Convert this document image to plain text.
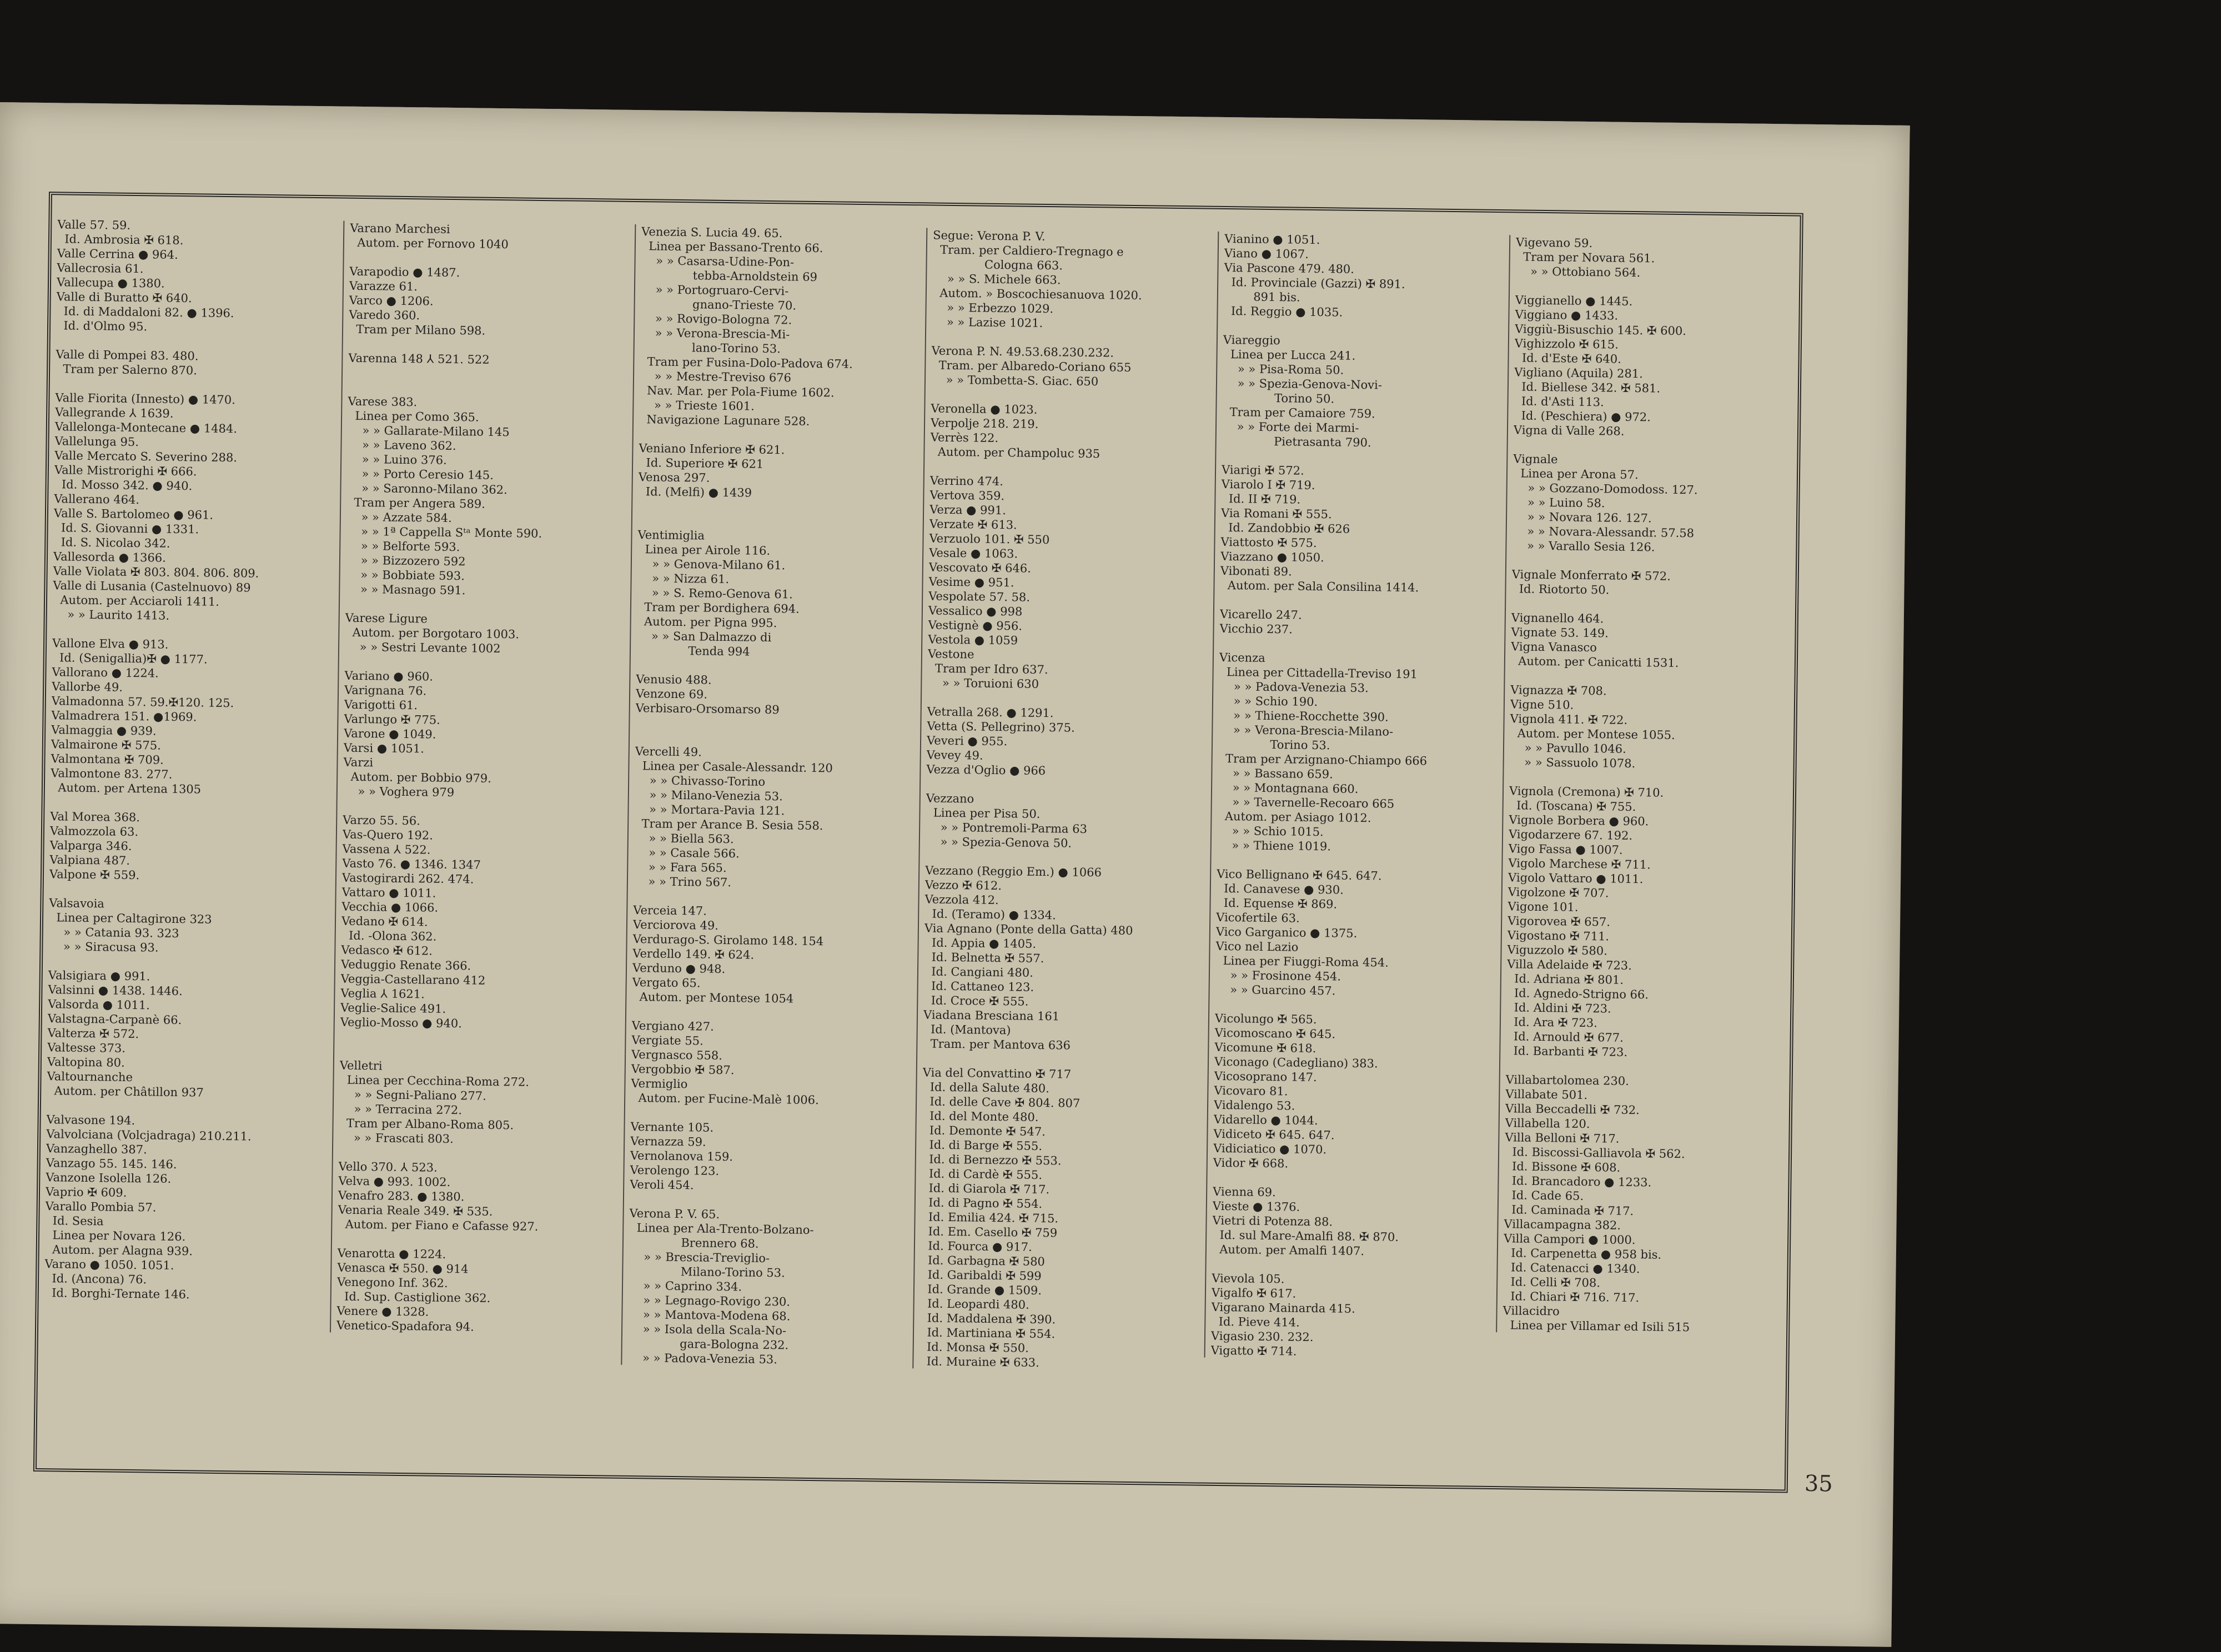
Valle 57. 59.
Id. Ambrosia ✠ 618.
Valle Cerrina ● 964.
Vallecrosia 61.
Vallecupa ● 1380.
Valle di Buratto ✠ 640.
Id. di Maddaloni 82. ● 1396.
Id. d'Olmo 95.
Valle di Pompei 83. 480.
Tram per Salerno 870.
Valle Fiorita (Innesto) ● 1470.
Vallegrande ⅄ 1639.
Vallelonga-Montecane ● 1484.
Vallelunga 95.
Valle Mercato S. Severino 288.
Valle Mistrorighi ✠ 666.
Id. Mosso 342. ● 940.
Vallerano 464.
Valle S. Bartolomeo ● 961.
Id. S. Giovanni ● 1331.
Id. S. Nicolao 342.
Vallesorda ● 1366.
Valle Violata ✠ 803. 804. 806. 809.
Valle di Lusania (Castelnuovo) 89
Autom. per Acciaroli 1411.
» » Laurito 1413.
Vallone Elva ● 913.
Id. (Senigallia)✠ ● 1177.
Vallorano ● 1224.
Vallorbe 49.
Valmadonna 57. 59.✠120. 125.
Valmadrera 151. ●1969.
Valmaggia ● 939.
Valmairone ✠ 575.
Valmontana ✠ 709.
Valmontone 83. 277.
Autom. per Artena 1305
Val Morea 368.
Valmozzola 63.
Valparga 346.
Valpiana 487.
Valpone ✠ 559.
Valsavoia
Linea per Caltagirone 323
» » Catania 93. 323
» » Siracusa 93.
Valsigiara ● 991.
Valsinni ● 1438. 1446.
Valsorda ● 1011.
Valstagna-Carpanè 66.
Valterza ✠ 572.
Valtesse 373.
Valtopina 80.
Valtournanche
Autom. per Châtillon 937
Valvasone 194.
Valvolciana (Volcjadraga) 210.211.
Vanzaghello 387.
Vanzago 55. 145. 146.
Vanzone Isolella 126.
Vaprio ✠ 609.
Varallo Pombia 57.
Id. Sesia
Linea per Novara 126.
Autom. per Alagna 939.
Varano ● 1050. 1051.
Id. (Ancona) 76.
Id. Borghi-Ternate 146.
Varano Marchesi
Autom. per Fornovo 1040
Varapodio ● 1487.
Varazze 61.
Varco ● 1206.
Varedo 360.
Tram per Milano 598.
Varenna 148 ⅄ 521. 522
Varese 383.
Linea per Como 365.
» » Gallarate-Milano 145
» » Laveno 362.
» » Luino 376.
» » Porto Ceresio 145.
» » Saronno-Milano 362.
Tram per Angera 589.
» » Azzate 584.
» » 1ª Cappella Sᵗᵃ Monte 590.
» » Belforte 593.
» » Bizzozero 592
» » Bobbiate 593.
» » Masnago 591.
Varese Ligure
Autom. per Borgotaro 1003.
» » Sestri Levante 1002
Variano ● 960.
Varignana 76.
Varigotti 61.
Varlungo ✠ 775.
Varone ● 1049.
Varsi ● 1051.
Varzi
Autom. per Bobbio 979.
» » Voghera 979
Varzo 55. 56.
Vas-Quero 192.
Vassena ⅄ 522.
Vasto 76. ● 1346. 1347
Vastogirardi 262. 474.
Vattaro ● 1011.
Vecchia ● 1066.
Vedano ✠ 614.
Id. -Olona 362.
Vedasco ✠ 612.
Veduggio Renate 366.
Veggia-Castellarano 412
Veglia ⅄ 1621.
Veglie-Salice 491.
Veglio-Mosso ● 940.
Velletri
Linea per Cecchina-Roma 272.
» » Segni-Paliano 277.
» » Terracina 272.
Tram per Albano-Roma 805.
» » Frascati 803.
Vello 370. ⅄ 523.
Velva ● 993. 1002.
Venafro 283. ● 1380.
Venaria Reale 349. ✠ 535.
Autom. per Fiano e Cafasse 927.
Venarotta ● 1224.
Venasca ✠ 550. ● 914
Venegono Inf. 362.
Id. Sup. Castiglione 362.
Venere ● 1328.
Venetico-Spadafora 94.
Venezia S. Lucia 49. 65.
Linea per Bassano-Trento 66.
» » Casarsa-Udine-Pon-
tebba-Arnoldstein 69
» » Portogruaro-Cervi-
gnano-Trieste 70.
» » Rovigo-Bologna 72.
» » Verona-Brescia-Mi-
lano-Torino 53.
Tram per Fusina-Dolo-Padova 674.
» » Mestre-Treviso 676
Nav. Mar. per Pola-Fiume 1602.
» » Trieste 1601.
Navigazione Lagunare 528.
Veniano Inferiore ✠ 621.
Id. Superiore ✠ 621
Venosa 297.
Id. (Melfi) ● 1439
Ventimiglia
Linea per Airole 116.
» » Genova-Milano 61.
» » Nizza 61.
» » S. Remo-Genova 61.
Tram per Bordighera 694.
Autom. per Pigna 995.
» » San Dalmazzo di
Tenda 994
Venusio 488.
Venzone 69.
Verbisaro-Orsomarso 89
Vercelli 49.
Linea per Casale-Alessandr. 120
» » Chivasso-Torino
» » Milano-Venezia 53.
» » Mortara-Pavia 121.
Tram per Arance B. Sesia 558.
» » Biella 563.
» » Casale 566.
» » Fara 565.
» » Trino 567.
Verceia 147.
Verciorova 49.
Verdurago-S. Girolamo 148. 154
Verdello 149. ✠ 624.
Verduno ● 948.
Vergato 65.
Autom. per Montese 1054
Vergiano 427.
Vergiate 55.
Vergnasco 558.
Vergobbio ✠ 587.
Vermiglio
Autom. per Fucine-Malè 1006.
Vernante 105.
Vernazza 59.
Vernolanova 159.
Verolengo 123.
Veroli 454.
Verona P. V. 65.
Linea per Ala-Trento-Bolzano-
Brennero 68.
» » Brescia-Treviglio-
Milano-Torino 53.
» » Caprino 334.
» » Legnago-Rovigo 230.
» » Mantova-Modena 68.
» » Isola della Scala-No-
gara-Bologna 232.
» » Padova-Venezia 53.
Segue: Verona P. V.
Tram. per Caldiero-Tregnago e
Cologna 663.
» » S. Michele 663.
Autom. » Boscochiesanuova 1020.
» » Erbezzo 1029.
» » Lazise 1021.
Verona P. N. 49.53.68.230.232.
Tram. per Albaredo-Coriano 655
» » Tombetta-S. Giac. 650
Veronella ● 1023.
Verpolje 218. 219.
Verrès 122.
Autom. per Champoluc 935
Verrino 474.
Vertova 359.
Verza ● 991.
Verzate ✠ 613.
Verzuolo 101. ✠ 550
Vesale ● 1063.
Vescovato ✠ 646.
Vesime ● 951.
Vespolate 57. 58.
Vessalico ● 998
Vestignè ● 956.
Vestola ● 1059
Vestone
Tram per Idro 637.
» » Toruioni 630
Vetralla 268. ● 1291.
Vetta (S. Pellegrino) 375.
Veveri ● 955.
Vevey 49.
Vezza d'Oglio ● 966
Vezzano
Linea per Pisa 50.
» » Pontremoli-Parma 63
» » Spezia-Genova 50.
Vezzano (Reggio Em.) ● 1066
Vezzo ✠ 612.
Vezzola 412.
Id. (Teramo) ● 1334.
Via Agnano (Ponte della Gatta) 480
Id. Appia ● 1405.
Id. Belnetta ✠ 557.
Id. Cangiani 480.
Id. Cattaneo 123.
Id. Croce ✠ 555.
Viadana Bresciana 161
Id. (Mantova)
Tram. per Mantova 636
Via del Convattino ✠ 717
Id. della Salute 480.
Id. delle Cave ✠ 804. 807
Id. del Monte 480.
Id. Demonte ✠ 547.
Id. di Barge ✠ 555.
Id. di Bernezzo ✠ 553.
Id. di Cardè ✠ 555.
Id. di Giarola ✠ 717.
Id. di Pagno ✠ 554.
Id. Emilia 424. ✠ 715.
Id. Em. Casello ✠ 759
Id. Fourca ● 917.
Id. Garbagna ✠ 580
Id. Garibaldi ✠ 599
Id. Grande ● 1509.
Id. Leopardi 480.
Id. Maddalena ✠ 390.
Id. Martiniana ✠ 554.
Id. Monsa ✠ 550.
Id. Muraine ✠ 633.
Vianino ● 1051.
Viano ● 1067.
Via Pascone 479. 480.
Id. Provinciale (Gazzi) ✠ 891.
891 bis.
Id. Reggio ● 1035.
Viareggio
Linea per Lucca 241.
» » Pisa-Roma 50.
» » Spezia-Genova-Novi-
Torino 50.
Tram per Camaiore 759.
» » Forte dei Marmi-
Pietrasanta 790.
Viarigi ✠ 572.
Viarolo I ✠ 719.
Id. II ✠ 719.
Via Romani ✠ 555.
Id. Zandobbio ✠ 626
Viattosto ✠ 575.
Viazzano ● 1050.
Vibonati 89.
Autom. per Sala Consilina 1414.
Vicarello 247.
Vicchio 237.
Vicenza
Linea per Cittadella-Treviso 191
» » Padova-Venezia 53.
» » Schio 190.
» » Thiene-Rocchette 390.
» » Verona-Brescia-Milano-
Torino 53.
Tram per Arzignano-Chiampo 666
» » Bassano 659.
» » Montagnana 660.
» » Tavernelle-Recoaro 665
Autom. per Asiago 1012.
» » Schio 1015.
» » Thiene 1019.
Vico Bellignano ✠ 645. 647.
Id. Canavese ● 930.
Id. Equense ✠ 869.
Vicofertile 63.
Vico Garganico ● 1375.
Vico nel Lazio
Linea per Fiuggi-Roma 454.
» » Frosinone 454.
» » Guarcino 457.
Vicolungo ✠ 565.
Vicomoscano ✠ 645.
Vicomune ✠ 618.
Viconago (Cadegliano) 383.
Vicosoprano 147.
Vicovaro 81.
Vidalengo 53.
Vidarello ● 1044.
Vidiceto ✠ 645. 647.
Vidiciatico ● 1070.
Vidor ✠ 668.
Vienna 69.
Vieste ● 1376.
Vietri di Potenza 88.
Id. sul Mare-Amalfi 88. ✠ 870.
Autom. per Amalfi 1407.
Vievola 105.
Vigalfo ✠ 617.
Vigarano Mainarda 415.
Id. Pieve 414.
Vigasio 230. 232.
Vigatto ✠ 714.
Vigevano 59.
Tram per Novara 561.
» » Ottobiano 564.
Viggianello ● 1445.
Viggiano ● 1433.
Viggiù-Bisuschio 145. ✠ 600.
Vighizzolo ✠ 615.
Id. d'Este ✠ 640.
Vigliano (Aquila) 281.
Id. Biellese 342. ✠ 581.
Id. d'Asti 113.
Id. (Peschiera) ● 972.
Vigna di Valle 268.
Vignale
Linea per Arona 57.
» » Gozzano-Domodoss. 127.
» » Luino 58.
» » Novara 126. 127.
» » Novara-Alessandr. 57.58
» » Varallo Sesia 126.
Vignale Monferrato ✠ 572.
Id. Riotorto 50.
Vignanello 464.
Vignate 53. 149.
Vigna Vanasco
Autom. per Canicatti 1531.
Vignazza ✠ 708.
Vigne 510.
Vignola 411. ✠ 722.
Autom. per Montese 1055.
» » Pavullo 1046.
» » Sassuolo 1078.
Vignola (Cremona) ✠ 710.
Id. (Toscana) ✠ 755.
Vignole Borbera ● 960.
Vigodarzere 67. 192.
Vigo Fassa ● 1007.
Vigolo Marchese ✠ 711.
Vigolo Vattaro ● 1011.
Vigolzone ✠ 707.
Vigone 101.
Vigorovea ✠ 657.
Vigostano ✠ 711.
Viguzzolo ✠ 580.
Villa Adelaide ✠ 723.
Id. Adriana ✠ 801.
Id. Agnedo-Strigno 66.
Id. Aldini ✠ 723.
Id. Ara ✠ 723.
Id. Arnould ✠ 677.
Id. Barbanti ✠ 723.
Villabartolomea 230.
Villabate 501.
Villa Beccadelli ✠ 732.
Villabella 120.
Villa Belloni ✠ 717.
Id. Biscossi-Galliavola ✠ 562.
Id. Bissone ✠ 608.
Id. Brancadoro ● 1233.
Id. Cade 65.
Id. Caminada ✠ 717.
Villacampagna 382.
Villa Campori ● 1000.
Id. Carpenetta ● 958 bis.
Id. Catenacci ● 1340.
Id. Celli ✠ 708.
Id. Chiari ✠ 716. 717.
Villacidro
Linea per Villamar ed Isili 515
35
